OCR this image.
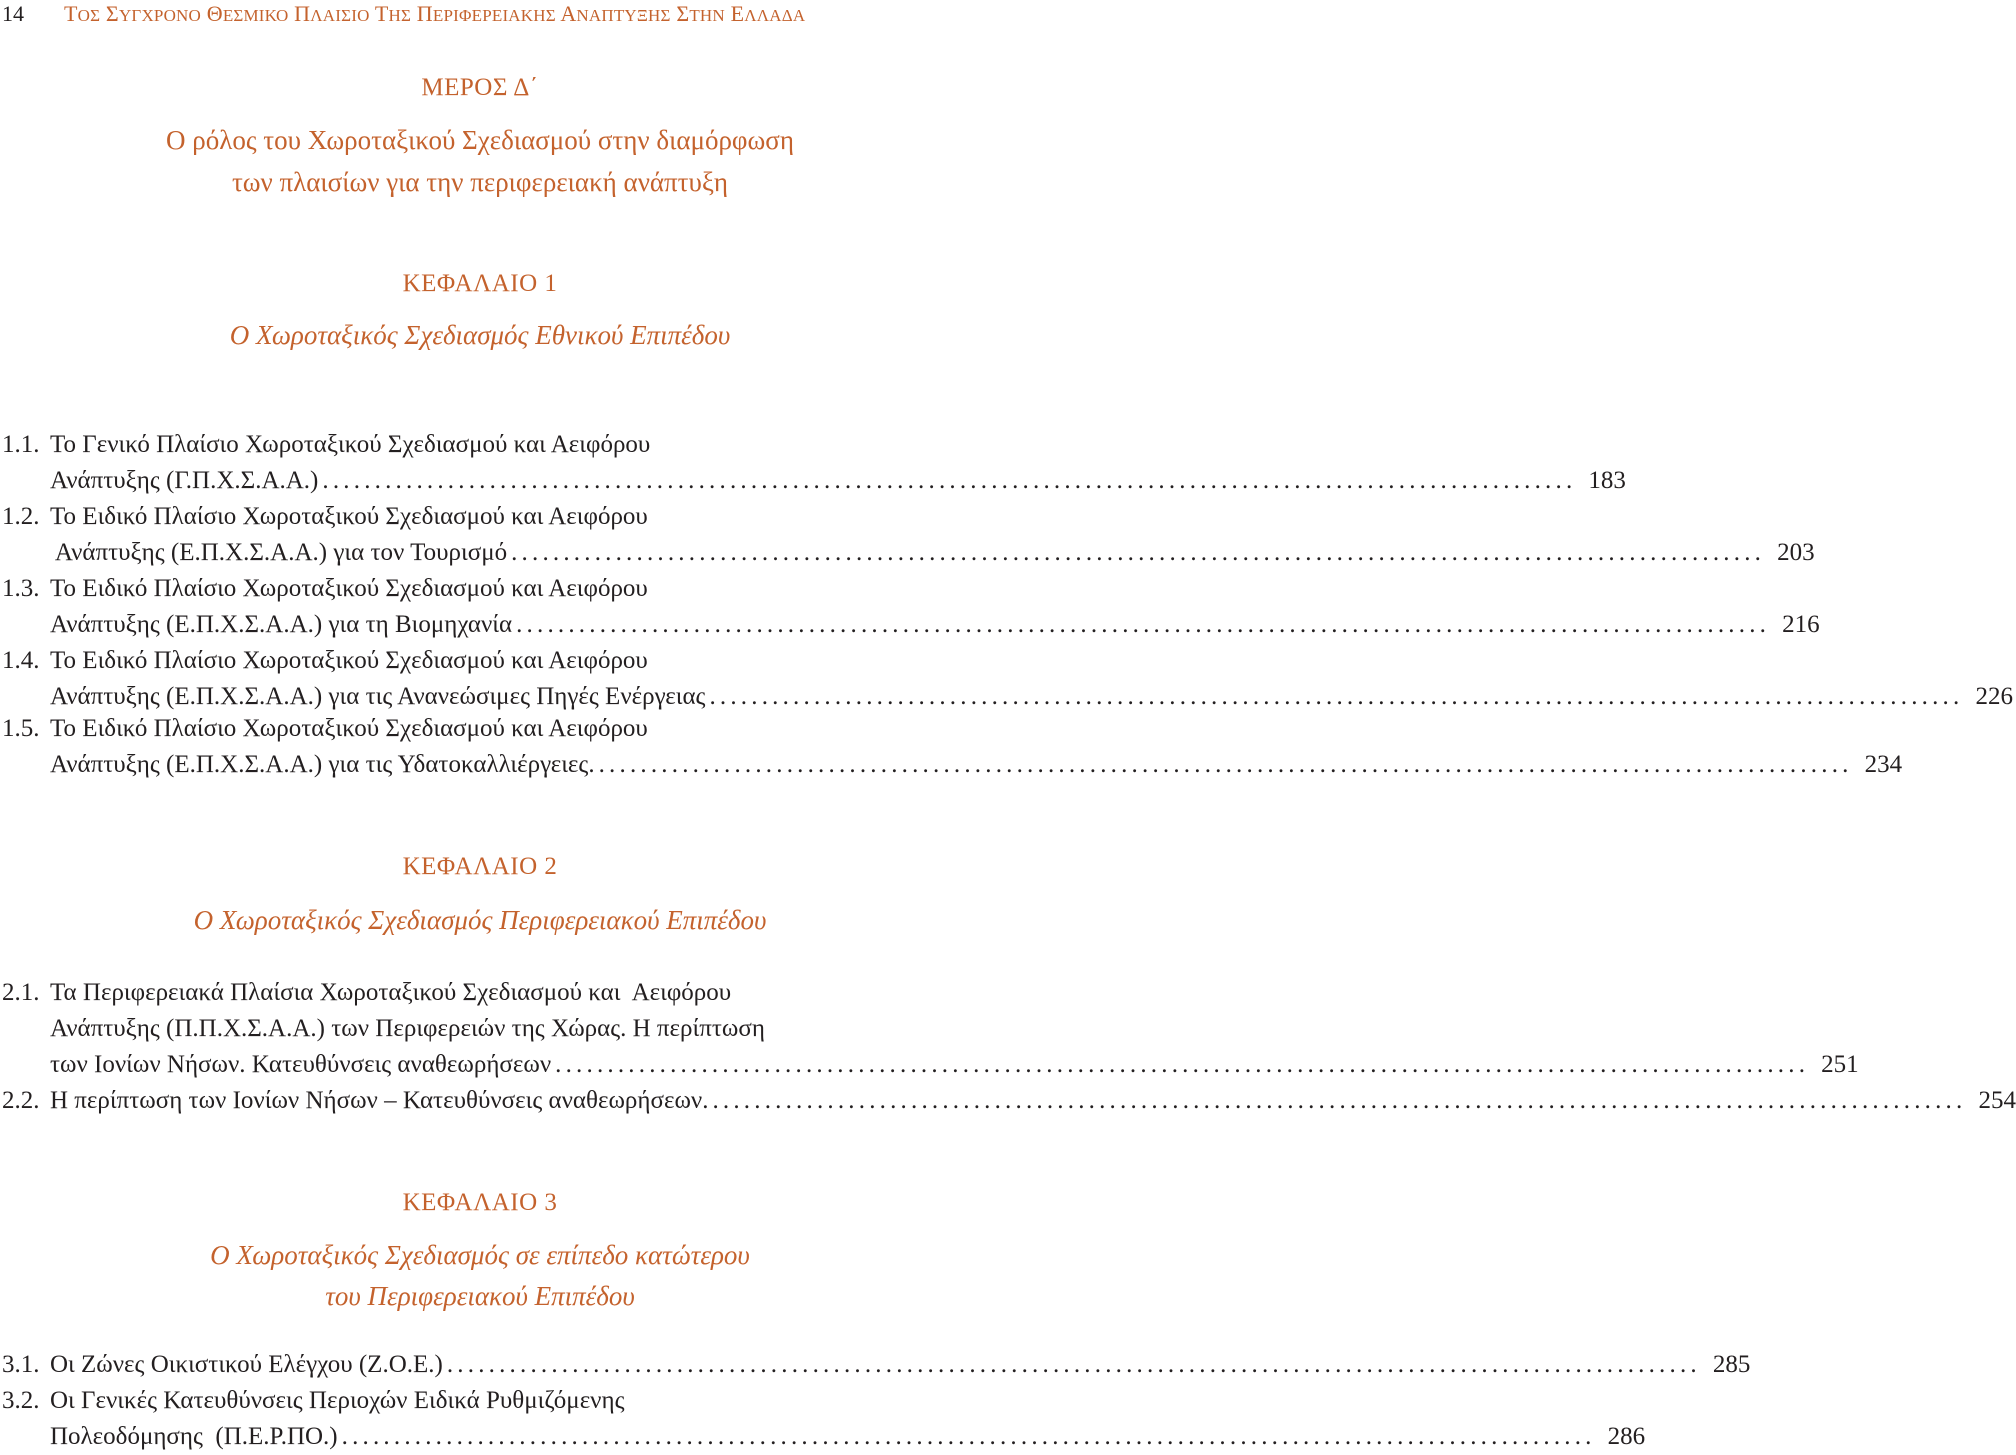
14	ΤΟΣ ΣΥΓΧΡΟΝΟ ΘΕΣΜΙΚΟ ΠΛΑΙΣΙΟ ΤΗΣ ΠΕΡΙΦΕΡΕΙΑΚΗΣ ΑΝΑΠΤΥΞΗΣ ΣΤΗΝ ΕΛΛΑΔΑ
ΜΕΡΟΣ Δ΄
Ο ρόλος του Χωροταξικού Σχεδιασμού στην διαμόρφωση
των πλαισίων για την περιφερειακή ανάπτυξη
ΚΕΦΑΛΑΙΟ 1
Ο Χωροταξικός Σχεδιασμός Εθνικού Επιπέδου
1.1. Το Γενικό Πλαίσιο Χωροταξικού Σχεδιασμού και Αειφόρου
Ανάπτυξης (Γ.Π.Χ.Σ.Α.Α.) ........................................................................................................................ 183
1.2. Το Ειδικό Πλαίσιο Χωροταξικού Σχεδιασμού και Αειφόρου
Ανάπτυξης (Ε.Π.Χ.Σ.Α.Α.) για τον Τουρισμό ........................................................................................................................ 203
1.3. Το Ειδικό Πλαίσιο Χωροταξικού Σχεδιασμού και Αειφόρου
Ανάπτυξης (Ε.Π.Χ.Σ.Α.Α.) για τη Βιομηχανία ........................................................................................................................ 216
1.4. Το Ειδικό Πλαίσιο Χωροταξικού Σχεδιασμού και Αειφόρου
Ανάπτυξης (Ε.Π.Χ.Σ.Α.Α.) για τις Ανανεώσιμες Πηγές Ενέργειας ........................................................................................................................ 226
1.5. Το Ειδικό Πλαίσιο Χωροταξικού Σχεδιασμού και Αειφόρου
Ανάπτυξης (Ε.Π.Χ.Σ.Α.Α.) για τις Υδατοκαλλιέργειες. ........................................................................................................................ 234
ΚΕΦΑΛΑΙΟ 2
Ο Χωροταξικός Σχεδιασμός Περιφερειακού Επιπέδου
2.1. Τα Περιφερειακά Πλαίσια Χωροταξικού Σχεδιασμού και  Αειφόρου
Ανάπτυξης (Π.Π.Χ.Σ.Α.Α.) των Περιφερειών της Χώρας. Η περίπτωση
των Ιονίων Νήσων. Κατευθύνσεις αναθεωρήσεων ........................................................................................................................ 251
2.2. Η περίπτωση των Ιονίων Νήσων – Κατευθύνσεις αναθεωρήσεων. ........................................................................................................................ 254
ΚΕΦΑΛΑΙΟ 3
Ο Χωροταξικός Σχεδιασμός σε επίπεδο κατώτερου
του Περιφερειακού Επιπέδου
3.1. Οι Ζώνες Οικιστικού Ελέγχου (Ζ.Ο.Ε.) ........................................................................................................................ 285
3.2. Οι Γενικές Κατευθύνσεις Περιοχών Ειδικά Ρυθμιζόμενης
Πολεοδόμησης  (Π.Ε.Ρ.ΠΟ.) ........................................................................................................................ 286
